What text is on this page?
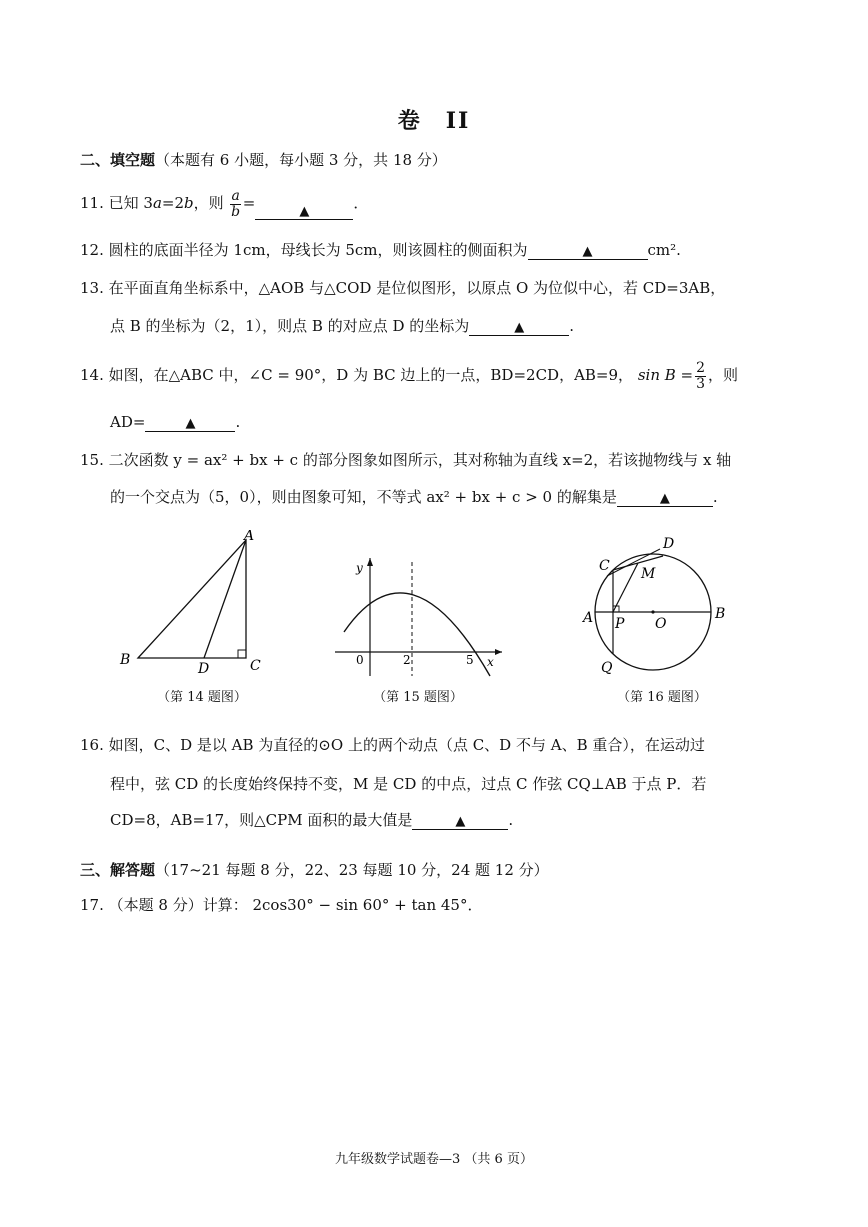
卷 II
二、填空题（本题有 6 小题，每小题 3 分，共 18 分）
11. 已知 3a=2b，则 $\frac{a}{b}$ =	▲	．
12. 圆柱的底面半径为 1cm，母线长为 5cm，则该圆柱的侧面积为	▲	cm².
13. 在平面直角坐标系中，△AOB 与△COD 是位似图形，以原点 O 为位似中心，若 CD=3AB，
点 B 的坐标为（2，1），则点 B 的对应点 D 的坐标为	▲	.
14. 如图，在△ABC 中，∠C = 90°，D 为 BC 边上的一点，BD=2CD，AB=9， $\sin B = \frac{2}{3}$ ，则
AD=	▲	.
15. 二次函数 y = ax² + bx + c 的部分图象如图所示，其对称轴为直线 x=2，若该抛物线与 x 轴
的一个交点为（5，0），则由图象可知，不等式 ax² + bx + c > 0 的解集是	▲	.
A
B	C
D
（第 14 题图）
y
x
0	2	5
（第 15 题图）
C
D
M
A	B
O
P
Q
（第 16 题图）
16. 如图，C、D 是以 AB 为直径的⊙O 上的两个动点（点 C、D 不与 A、B 重合），在运动过
程中，弦 CD 的长度始终保持不变，M 是 CD 的中点，过点 C 作弦 CQ⊥AB 于点 P．若
CD=8，AB=17，则△CPM 面积的最大值是	▲	.
三、解答题（17~21 每题 8 分，22、23 每题 10 分，24 题 12 分）
17. （本题 8 分）计算： 2cos30° − sin 60° + tan 45°．
九年级数学试题卷—3 （共 6 页）
